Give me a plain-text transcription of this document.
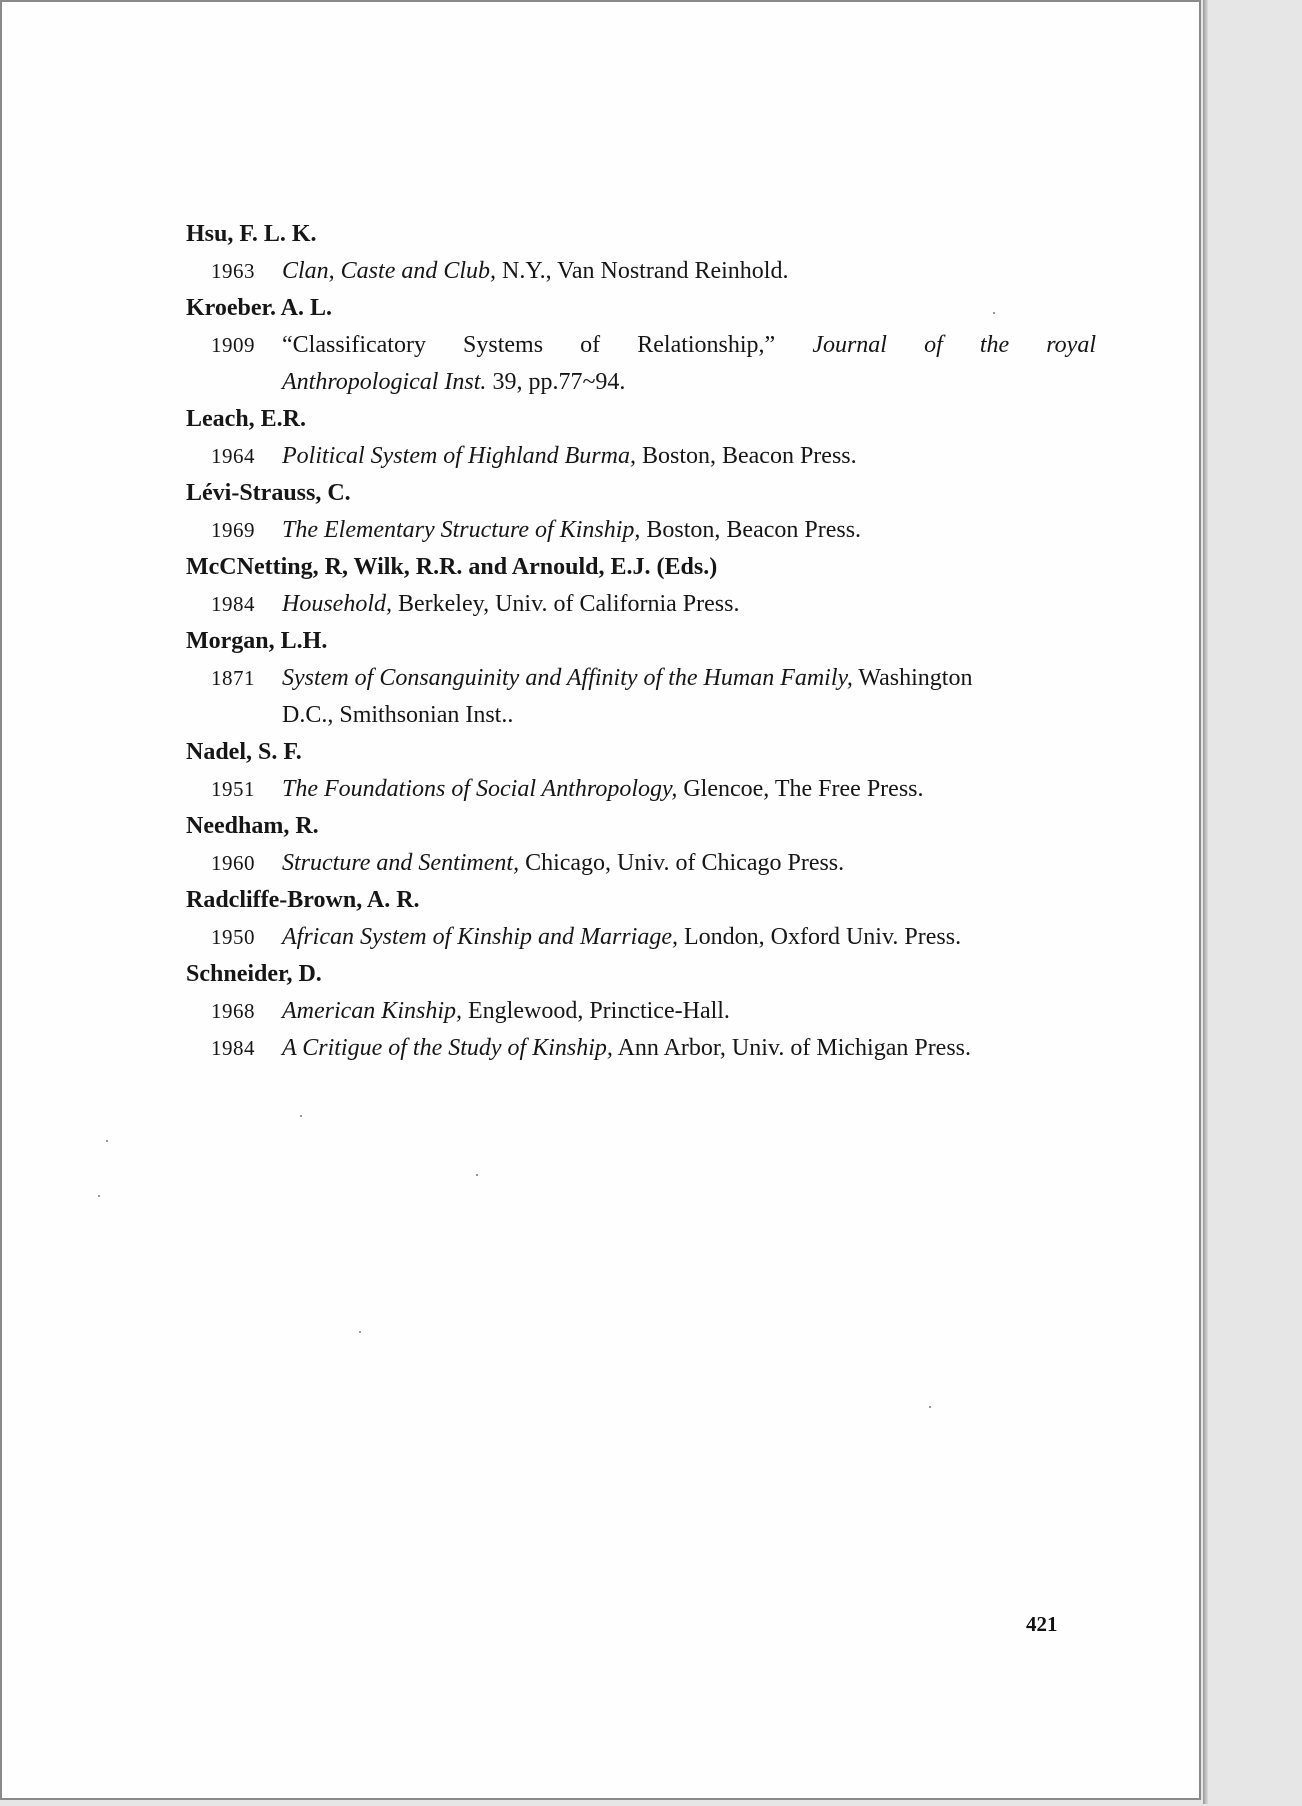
Hsu, F. L. K.
1963 Clan, Caste and Club, N.Y., Van Nostrand Reinhold.
Kroeber. A. L.
1909 “Classificatory Systems of Relationship,” Journal of the royal
Anthropological Inst. 39, pp.77~94.
Leach, E.R.
1964 Political System of Highland Burma, Boston, Beacon Press.
Lévi-Strauss, C.
1969 The Elementary Structure of Kinship, Boston, Beacon Press.
McCNetting, R, Wilk, R.R. and Arnould, E.J. (Eds.)
1984 Household, Berkeley, Univ. of California Press.
Morgan, L.H.
1871 System of Consanguinity and Affinity of the Human Family, Washington
D.C., Smithsonian Inst..
Nadel, S. F.
1951 The Foundations of Social Anthropology, Glencoe, The Free Press.
Needham, R.
1960 Structure and Sentiment, Chicago, Univ. of Chicago Press.
Radcliffe-Brown, A. R.
1950 African System of Kinship and Marriage, London, Oxford Univ. Press.
Schneider, D.
1968 American Kinship, Englewood, Princtice-Hall.
1984 A Critigue of the Study of Kinship, Ann Arbor, Univ. of Michigan Press.
421
